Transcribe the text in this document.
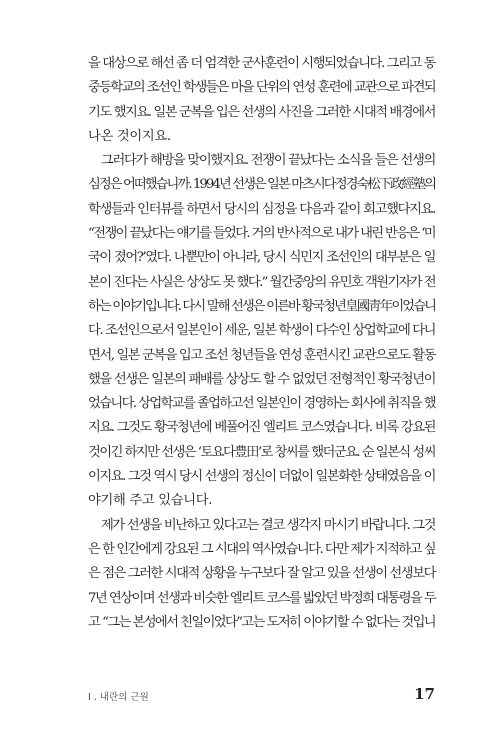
을 대상으로 해선 좀 더 엄격한 군사훈련이 시행되었습니다. 그리고 동
중등학교의 조선인 학생들은 마을 단위의 연성 훈련에 교관으로 파견되
기도 했지요. 일본 군복을 입은 선생의 사진을 그러한 시대적 배경에서
나온 것이지요.
그러다가 해방을 맞이했지요. 전쟁이 끝났다는 소식을 들은 선생의
심정은 어떠했습니까. 1994년 선생은 일본 마츠시다정경숙松下政經塾의
학생들과 인터뷰를 하면서 당시의 심정을 다음과 같이 회고했다지요.
“전쟁이 끝났다는 얘기를 들었다. 거의 반사적으로 내가 내린 반응은 ‘미
국이 졌어?’였다. 나뿐만이 아니라, 당시 식민지 조선인의 대부분은 일
본이 진다는 사실은 상상도 못 했다.” 월간중앙의 유민호 객원기자가 전
하는 이야기입니다. 다시 말해 선생은 이른바 황국청년皇國靑年이었습니
다. 조선인으로서 일본인이 세운, 일본 학생이 다수인 상업학교에 다니
면서, 일본 군복을 입고 조선 청년들을 연성 훈련시킨 교관으로도 활동
했을 선생은 일본의 패배를 상상도 할 수 없었던 전형적인 황국청년이
었습니다. 상업학교를 졸업하고선 일본인이 경영하는 회사에 취직을 했
지요. 그것도 황국청년에 베풀어진 엘리트 코스였습니다. 비록 강요된
것이긴 하지만 선생은 ‘토요다豊田’로 창씨를 했더군요. 순 일본식 성씨
이지요. 그것 역시 당시 선생의 정신이 더없이 일본화한 상태였음을 이
야기해 주고 있습니다.
제가 선생을 비난하고 있다고는 결코 생각지 마시기 바랍니다. 그것
은 한 인간에게 강요된 그 시대의 역사였습니다. 다만 제가 지적하고 싶
은 점은 그러한 시대적 상황을 누구보다 잘 알고 있을 선생이 선생보다
7년 연상이며 선생과 비슷한 엘리트 코스를 밟았던 박정희 대통령을 두
고 “그는 본성에서 친일이었다”고는 도저히 이야기할 수 없다는 것입니
I . 내란의 근원	17
